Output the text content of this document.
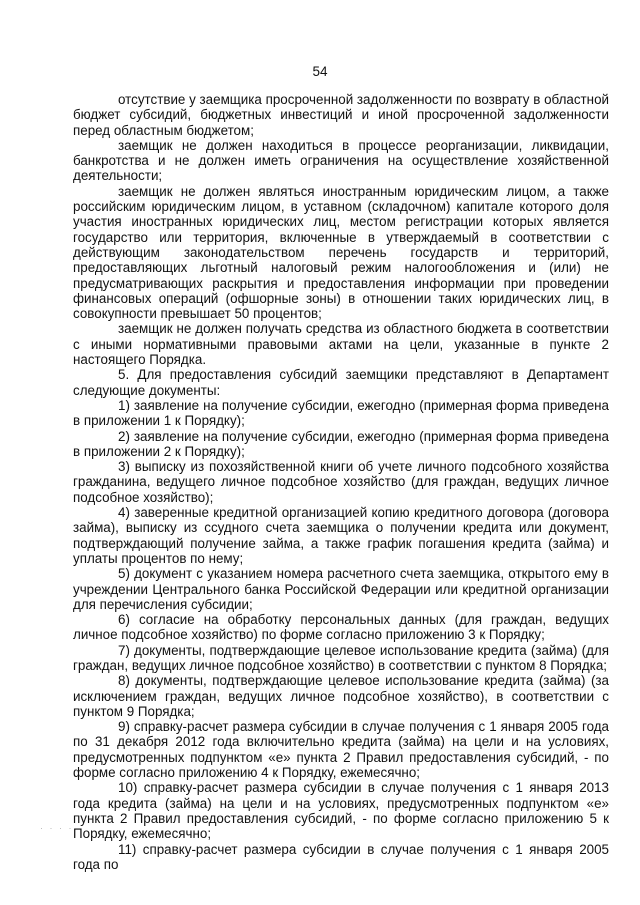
54

отсутствие у заемщика просроченной задолженности по возврату в областной бюджет субсидий, бюджетных инвестиций и иной просроченной задолженности перед областным бюджетом;

заемщик не должен находиться в процессе реорганизации, ликвидации, банкротства и не должен иметь ограничения на осуществление хозяйственной деятельности;

заемщик не должен являться иностранным юридическим лицом, а также российским юридическим лицом, в уставном (складочном) капитале которого доля участия иностранных юридических лиц, местом регистрации которых является государство или территория, включенные в утверждаемый в соответствии с действующим законодательством перечень государств и территорий, предоставляющих льготный налоговый режим налогообложения и (или) не предусматривающих раскрытия и предоставления информации при проведении финансовых операций (офшорные зоны) в отношении таких юридических лиц, в совокупности превышает 50 процентов;

заемщик не должен получать средства из областного бюджета в соответствии с иными нормативными правовыми актами на цели, указанные в пункте 2 настоящего Порядка.

5. Для предоставления субсидий заемщики представляют в Департамент следующие документы:

1) заявление на получение субсидии, ежегодно (примерная форма приведена в приложении 1 к Порядку);

2) заявление на получение субсидии, ежегодно (примерная форма приведена в приложении 2 к Порядку);

3) выписку из похозяйственной книги об учете личного подсобного хозяйства гражданина, ведущего личное подсобное хозяйство (для граждан, ведущих личное подсобное хозяйство);

4) заверенные кредитной организацией копию кредитного договора (договора займа), выписку из ссудного счета заемщика о получении кредита или документ, подтверждающий получение займа, а также график погашения кредита (займа) и уплаты процентов по нему;

5) документ с указанием номера расчетного счета заемщика, открытого ему в учреждении Центрального банка Российской Федерации или кредитной организации для перечисления субсидии;

6) согласие на обработку персональных данных (для граждан, ведущих личное подсобное хозяйство) по форме согласно приложению 3 к Порядку;

7) документы, подтверждающие целевое использование кредита (займа) (для граждан, ведущих личное подсобное хозяйство) в соответствии с пунктом 8 Порядка;

8) документы, подтверждающие целевое использование кредита (займа) (за исключением граждан, ведущих личное подсобное хозяйство), в соответствии с пунктом 9 Порядка;

9) справку-расчет размера субсидии в случае получения с 1 января 2005 года по 31 декабря 2012 года включительно кредита (займа) на цели и на условиях, предусмотренных подпунктом «е» пункта 2 Правил предоставления субсидий, - по форме согласно приложению 4 к Порядку, ежемесячно;

10) справку-расчет размера субсидии в случае получения с 1 января 2013 года кредита (займа) на цели и на условиях, предусмотренных подпунктом «е» пункта 2 Правил предоставления субсидий, - по форме согласно приложению 5 к Порядку, ежемесячно;

11) справку-расчет размера субсидии в случае получения с 1 января 2005 года по

· · · ·
